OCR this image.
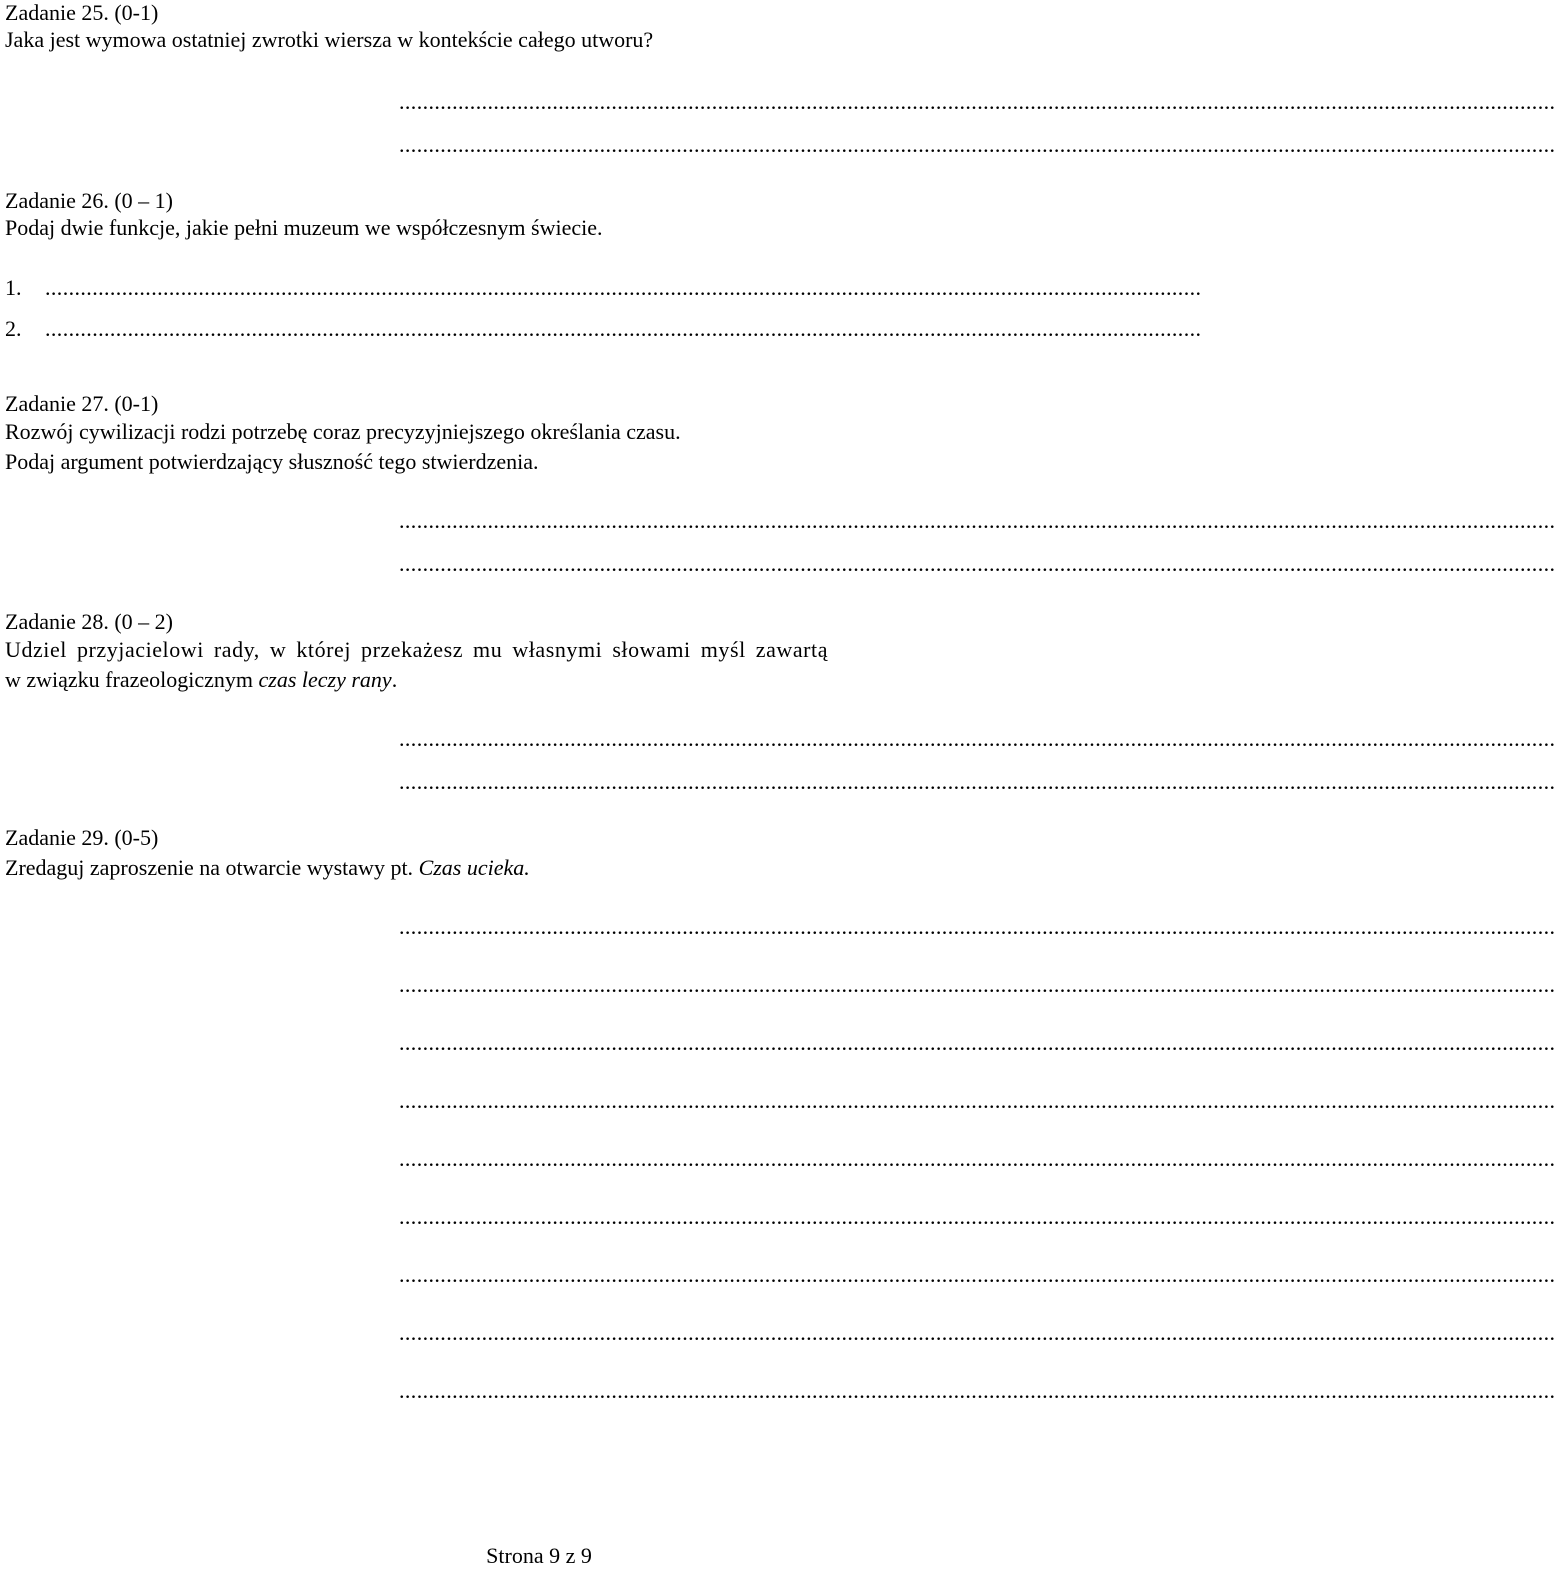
Zadanie 25. (0-1)
Jaka jest wymowa ostatniej zwrotki wiersza w kontekście całego utworu?
....................................................................................................................................................................................................
....................................................................................................................................................................................................
Zadanie 26. (0 – 1)
Podaj dwie funkcje, jakie pełni muzeum we współczesnym świecie.
1. ....................................................................................................................................................................................................
2. ....................................................................................................................................................................................................
Zadanie 27. (0-1)
Rozwój cywilizacji rodzi potrzebę coraz precyzyjniejszego określania czasu.
Podaj argument potwierdzający słuszność tego stwierdzenia.
....................................................................................................................................................................................................
....................................................................................................................................................................................................
Zadanie 28. (0 – 2)
Udziel przyjacielowi rady, w której przekażesz mu własnymi słowami myśl zawartą
w związku frazeologicznym czas leczy rany.
....................................................................................................................................................................................................
....................................................................................................................................................................................................
Zadanie 29. (0-5)
Zredaguj zaproszenie na otwarcie wystawy pt. Czas ucieka.
....................................................................................................................................................................................................
....................................................................................................................................................................................................
....................................................................................................................................................................................................
....................................................................................................................................................................................................
....................................................................................................................................................................................................
....................................................................................................................................................................................................
....................................................................................................................................................................................................
....................................................................................................................................................................................................
....................................................................................................................................................................................................
Strona 9 z 9
